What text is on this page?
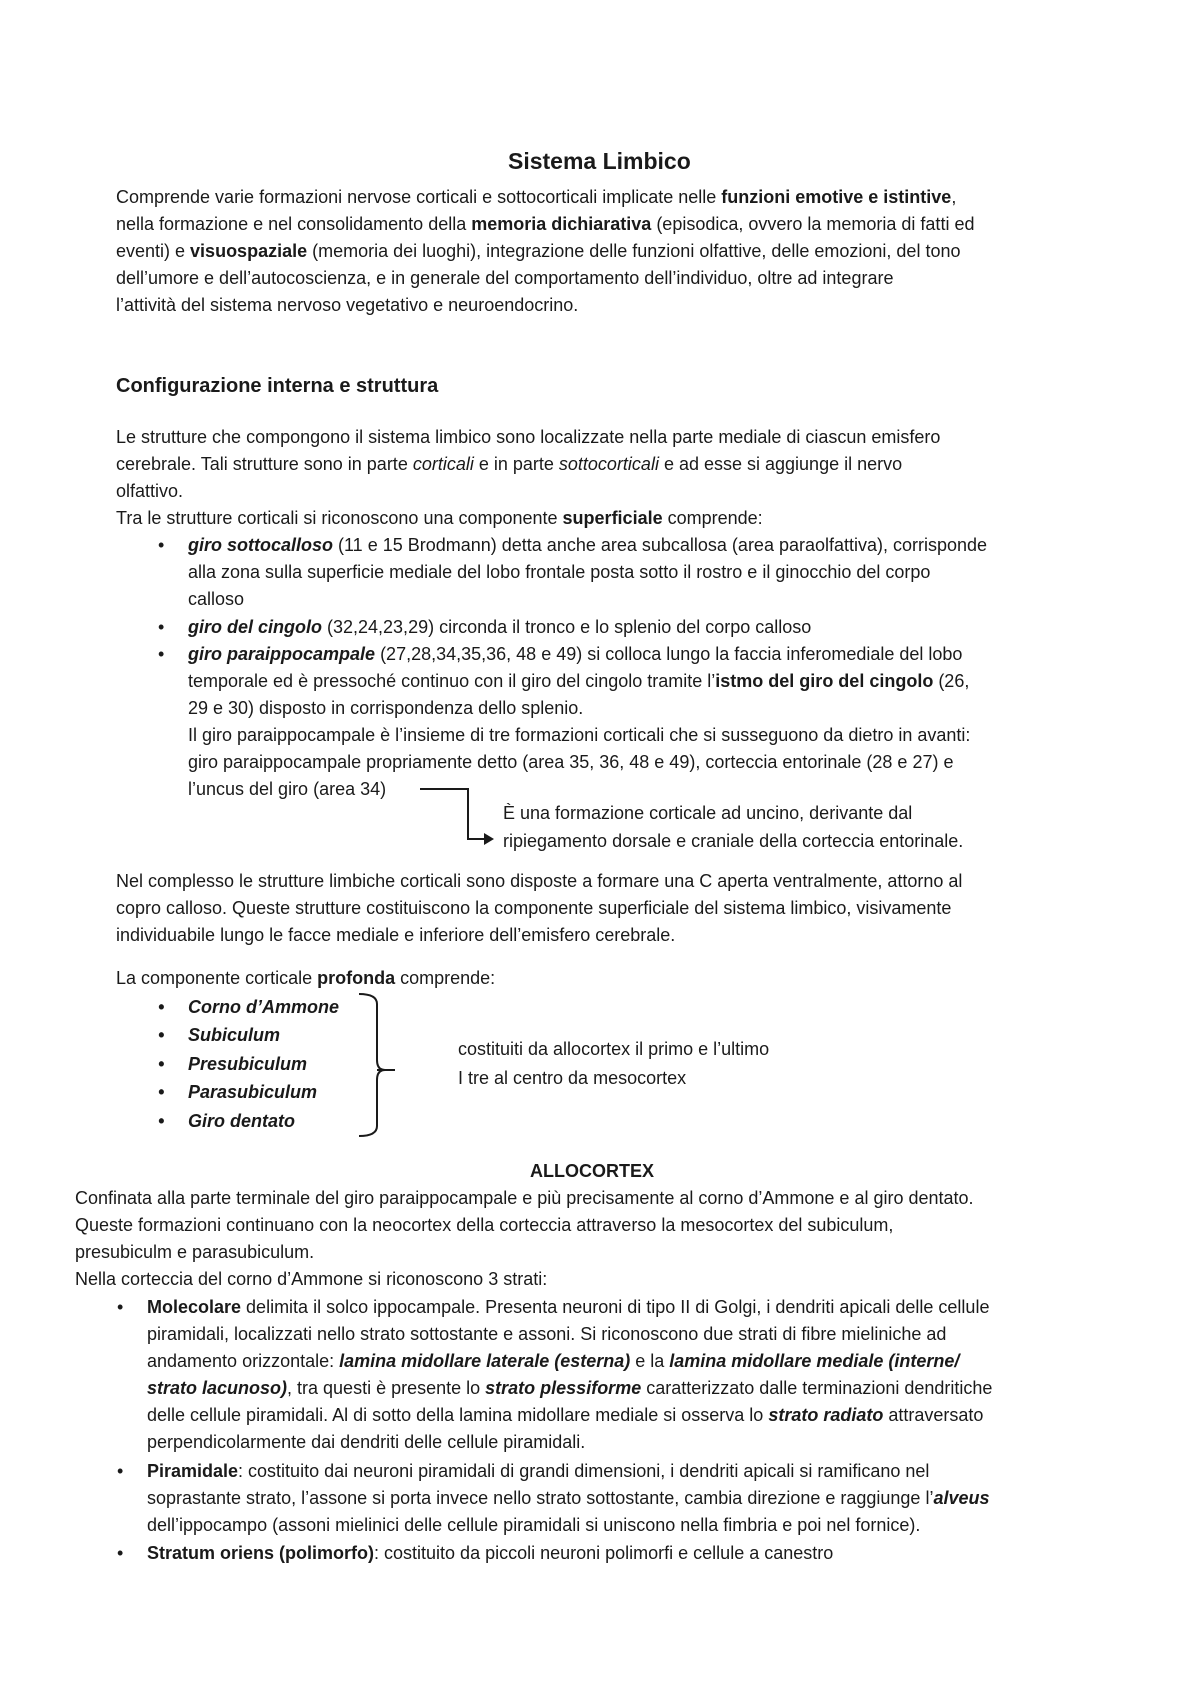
Sistema Limbico
Comprende varie formazioni nervose corticali e sottocorticali implicate nelle funzioni emotive e istintive,
nella formazione e nel consolidamento della memoria dichiarativa (episodica, ovvero la memoria di fatti ed
eventi) e visuospaziale (memoria dei luoghi), integrazione delle funzioni olfattive, delle emozioni, del tono
dell’umore e dell’autocoscienza, e in generale del comportamento dell’individuo, oltre ad integrare
l’attività del sistema nervoso vegetativo e neuroendocrino.
Configurazione interna e struttura
Le strutture che compongono il sistema limbico sono localizzate nella parte mediale di ciascun emisfero
cerebrale. Tali strutture sono in parte corticali e in parte sottocorticali e ad esse si aggiunge il nervo
olfattivo.
Tra le strutture corticali si riconoscono una componente superficiale comprende:
giro sottocalloso (11 e 15 Brodmann) detta anche area subcallosa (area paraolfattiva), corrisponde
alla zona sulla superficie mediale del lobo frontale posta sotto il rostro e il ginocchio del corpo
calloso
giro del cingolo (32,24,23,29) circonda il tronco e lo splenio del corpo calloso
giro paraippocampale (27,28,34,35,36, 48 e 49) si colloca lungo la faccia inferomediale del lobo
temporale ed è pressoché continuo con il giro del cingolo tramite l’istmo del giro del cingolo (26,
29 e 30) disposto in corrispondenza dello splenio.
Il giro paraippocampale è l’insieme di tre formazioni corticali che si susseguono da dietro in avanti:
giro paraippocampale propriamente detto (area 35, 36, 48 e 49), corteccia entorinale (28 e 27) e
l’uncus del giro (area 34)
È una formazione corticale ad uncino, derivante dal
ripiegamento dorsale e craniale della corteccia entorinale.
Nel complesso le strutture limbiche corticali sono disposte a formare una C aperta ventralmente, attorno al
copro calloso. Queste strutture costituiscono la componente superficiale del sistema limbico, visivamente
individuabile lungo le facce mediale e inferiore dell’emisfero cerebrale.
La componente corticale profonda comprende:
• Corno d’Ammone
• Subiculum
• Presubiculum
• Parasubiculum
• Giro dentato
costituiti da allocortex il primo e l’ultimo
I tre al centro da mesocortex
ALLOCORTEX
Confinata alla parte terminale del giro paraippocampale e più precisamente al corno d’Ammone e al giro dentato.
Queste formazioni continuano con la neocortex della corteccia attraverso la mesocortex del subiculum,
presubiculm e parasubiculum.
Nella corteccia del corno d’Ammone si riconoscono 3 strati:
Molecolare delimita il solco ippocampale. Presenta neuroni di tipo II di Golgi, i dendriti apicali delle cellule
piramidali, localizzati nello strato sottostante e assoni. Si riconoscono due strati di fibre mieliniche ad
andamento orizzontale: lamina midollare laterale (esterna) e la lamina midollare mediale (interne/
strato lacunoso), tra questi è presente lo strato plessiforme caratterizzato dalle terminazioni dendritiche
delle cellule piramidali. Al di sotto della lamina midollare mediale si osserva lo strato radiato attraversato
perpendicolarmente dai dendriti delle cellule piramidali.
Piramidale: costituito dai neuroni piramidali di grandi dimensioni, i dendriti apicali si ramificano nel
soprastante strato, l’assone si porta invece nello strato sottostante, cambia direzione e raggiunge l’alveus
dell’ippocampo (assoni mielinici delle cellule piramidali si uniscono nella fimbria e poi nel fornice).
Stratum oriens (polimorfo): costituito da piccoli neuroni polimorfi e cellule a canestro
